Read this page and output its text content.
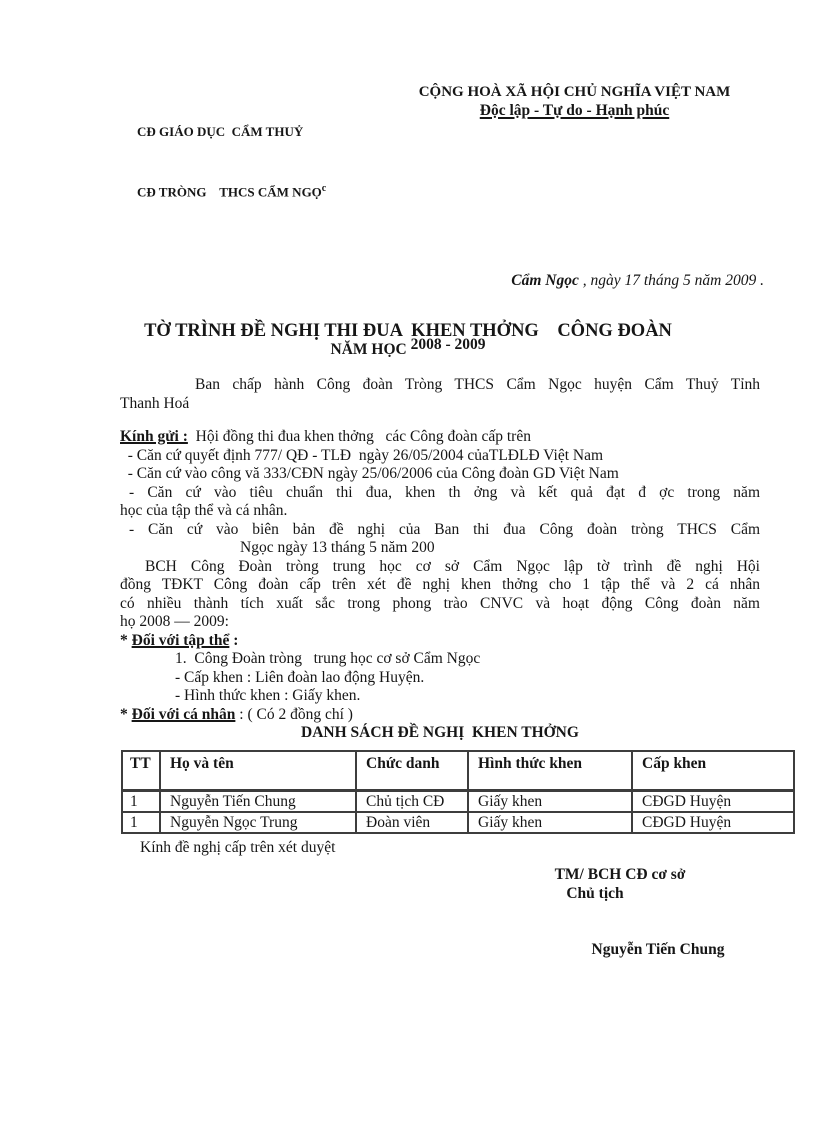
CĐ GIÁO DỤC  CẨM THUỶ

CĐ TRÒNG    THCS CẨM NGỌ$^c$

CỘNG HOÀ XÃ HỘI CHỦ NGHĨA VIỆT NAM
Độc lập - Tự do - Hạnh phúc

Cẩm Ngọc , ngày 17 tháng 5 năm 2009 .

TỜ TRÌNH ĐỀ NGHỊ THI ĐUA  KHEN THỞNG    CÔNG ĐOÀN
NĂM HỌC 2008 - 2009
Ban chấp hành Công đoàn Tròng THCS Cẩm Ngọc huyện Cẩm Thuỷ Tỉnh
Thanh Hoá
Kính gửi :  Hội đồng thi đua khen thởng   các Công đoàn cấp trên
- Căn cứ quyết định 777/ QĐ - TLĐ  ngày 26/05/2004 củaTLĐLĐ Việt Nam
- Căn cứ vào công vă 333/CĐN ngày 25/06/2006 của Công đoàn GD Việt Nam
- Căn cứ vào tiêu chuẩn thi đua, khen th ởng và kết quả đạt đ ợc trong năm
học của tập thể và cá nhân.
- Căn cứ vào biên bản đề nghị của Ban thi đua Công đoàn tròng THCS Cẩm
Ngọc ngày 13 tháng 5 năm 200
BCH Công Đoàn tròng trung học cơ sở Cẩm Ngọc lập tờ trình đề nghị Hội
đồng TĐKT Công đoàn cấp trên xét đề nghị khen thởng cho 1 tập thể và 2 cá nhân
có nhiều thành tích xuất sắc trong phong trào CNVC và hoạt động Công đoàn năm
họ 2008 — 2009:
* Đối với tập thể :
1.  Công Đoàn tròng   trung học cơ sở Cẩm Ngọc
- Cấp khen : Liên đoàn lao động Huyện.
- Hình thức khen : Giấy khen.
* Đối với cá nhân : ( Có 2 đồng chí )
DANH SÁCH ĐỀ NGHỊ  KHEN THỞNG
TT	Họ và tên	Chức danh	Hình thức khen	Cấp khen
1	Nguyễn Tiến Chung	Chủ tịch CĐ	Giấy khen	CĐGD Huyện
1	Nguyễn Ngọc Trung	Đoàn viên	Giấy khen	CĐGD Huyện
Kính đề nghị cấp trên xét duyệt
TM/ BCH CĐ cơ sở
Chủ tịch
Nguyễn Tiến Chung
